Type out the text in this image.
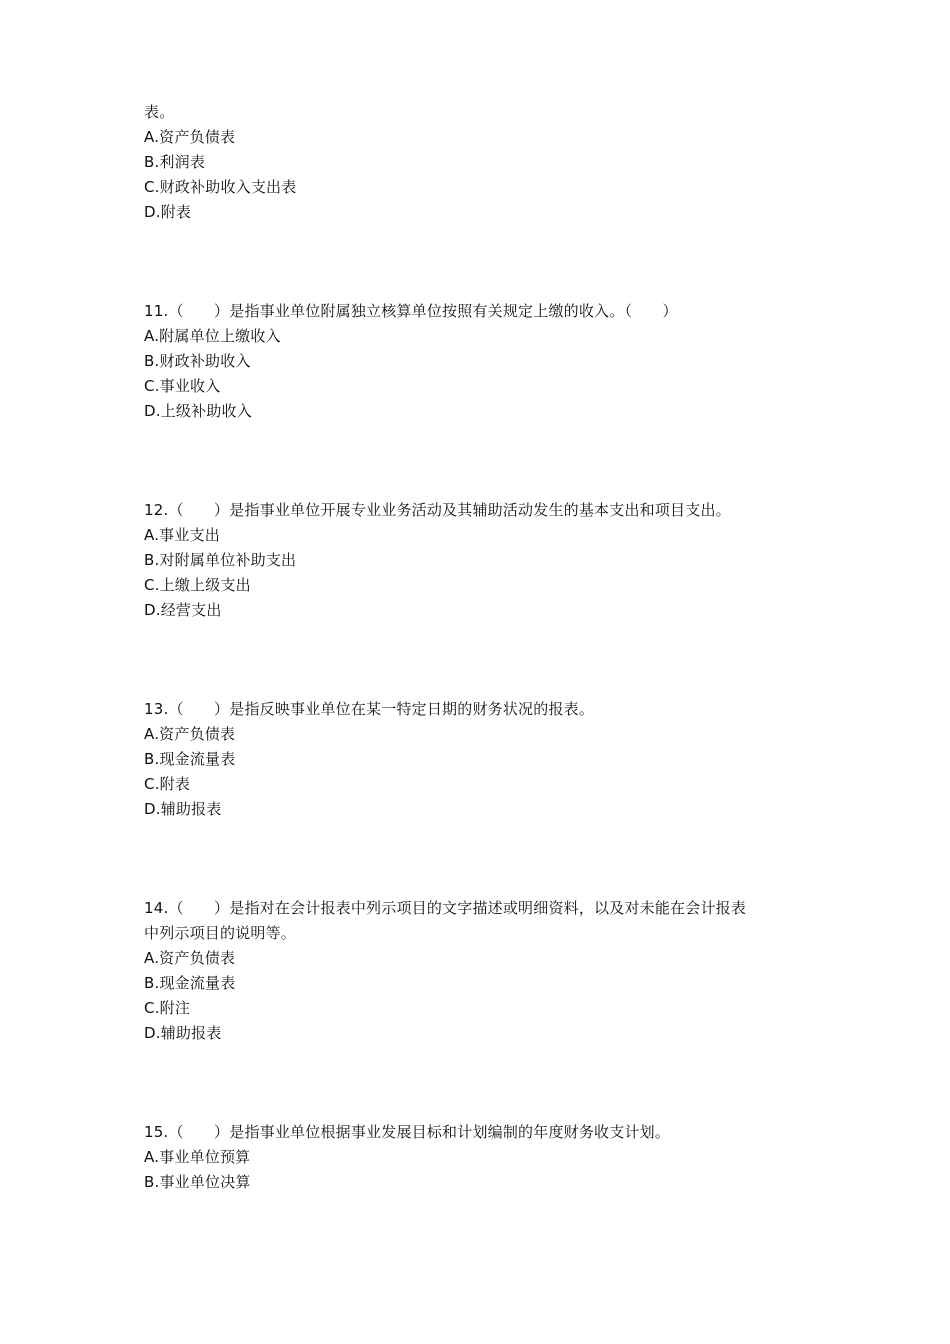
表。
A.资产负债表
B.利润表
C.财政补助收入支出表
D.附表
11.（　　）是指事业单位附属独立核算单位按照有关规定上缴的收入。（　　）
A.附属单位上缴收入
B.财政补助收入
C.事业收入
D.上级补助收入
12.（　　）是指事业单位开展专业业务活动及其辅助活动发生的基本支出和项目支出。
A.事业支出
B.对附属单位补助支出
C.上缴上级支出
D.经营支出
13.（　　）是指反映事业单位在某一特定日期的财务状况的报表。
A.资产负债表
B.现金流量表
C.附表
D.辅助报表
14.（　　）是指对在会计报表中列示项目的文字描述或明细资料，以及对未能在会计报表
中列示项目的说明等。
A.资产负债表
B.现金流量表
C.附注
D.辅助报表
15.（　　）是指事业单位根据事业发展目标和计划编制的年度财务收支计划。
A.事业单位预算
B.事业单位决算
